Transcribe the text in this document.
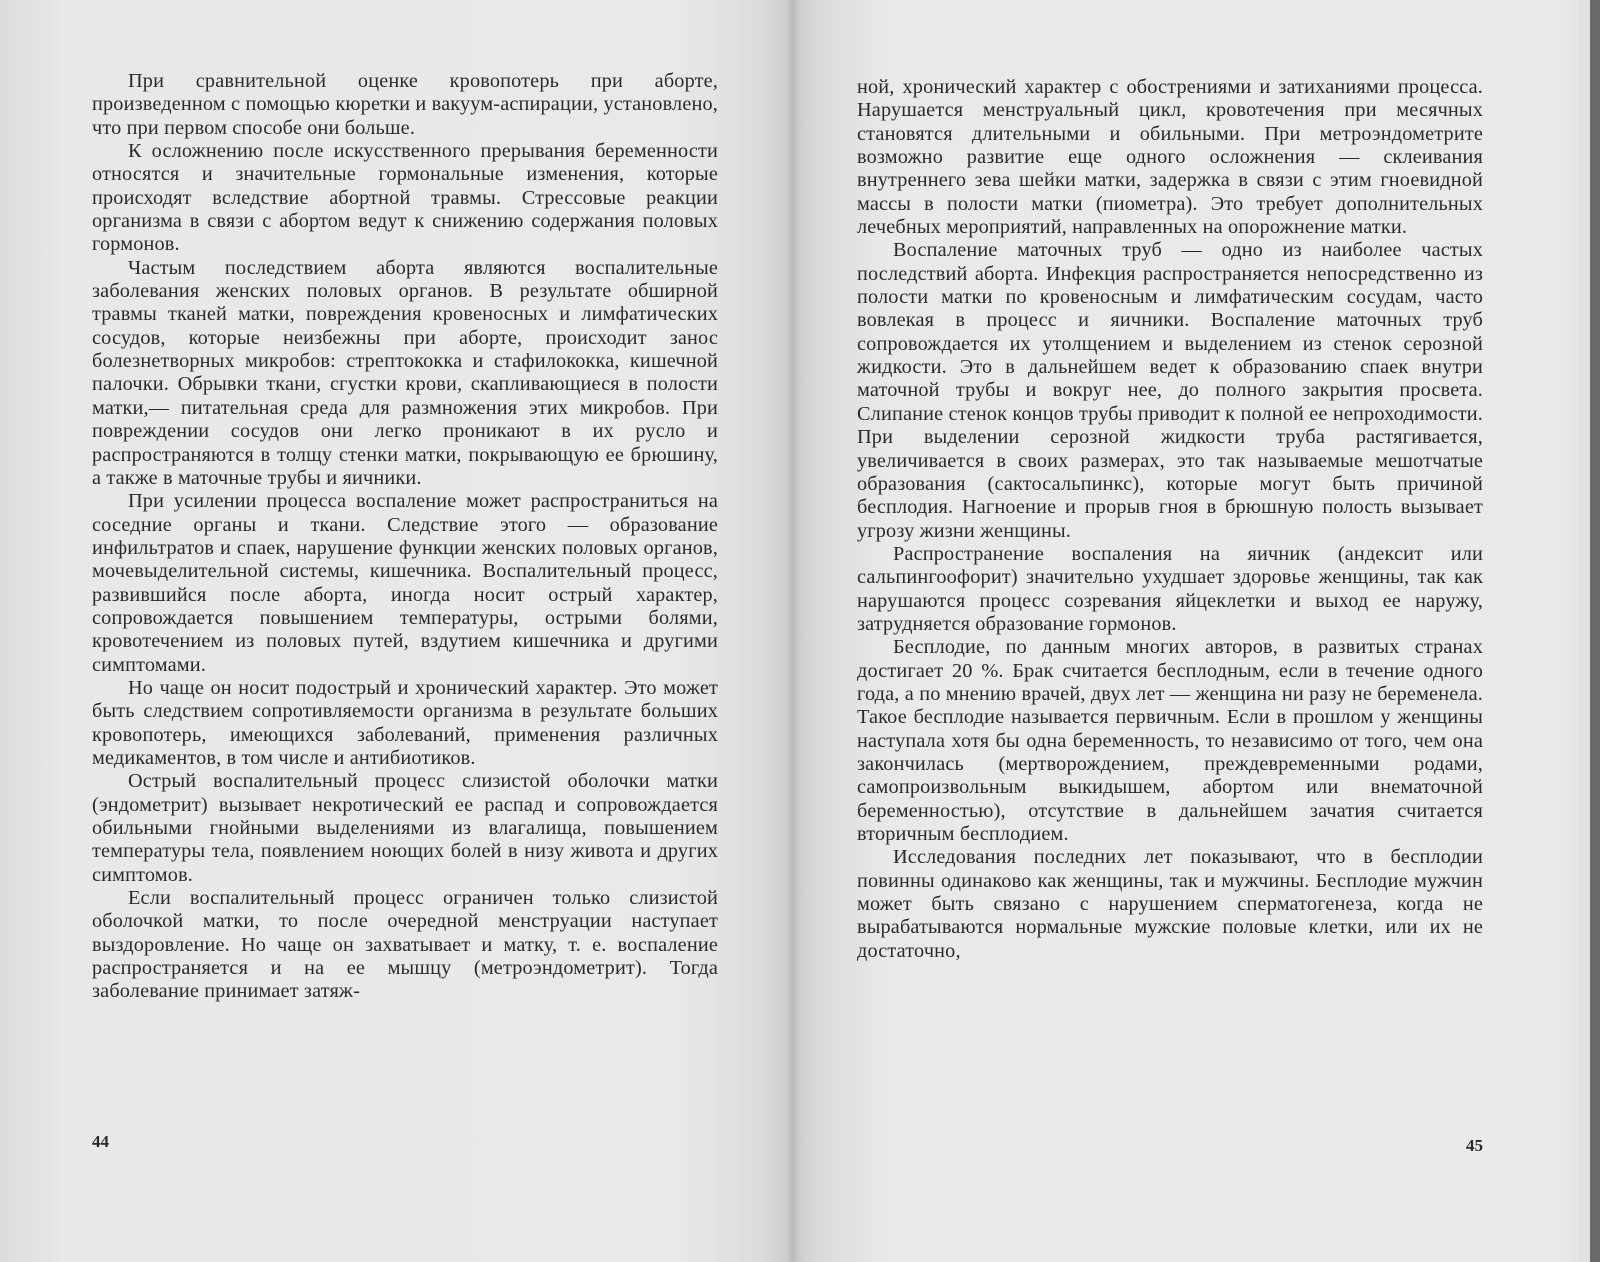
При сравнительной оценке кровопотерь при аборте, произведенном с помощью кюретки и вакуум-аспирации, установлено, что при первом способе они больше.

К осложнению после искусственного прерывания беременности относятся и значительные гормональные изменения, которые происходят вследствие абортной травмы. Стрессовые реакции организма в связи с абортом ведут к снижению содержания половых гормонов.

Частым последствием аборта являются воспалительные заболевания женских половых органов. В результате обширной травмы тканей матки, повреждения кровеносных и лимфатических сосудов, которые неизбежны при аборте, происходит занос болезнетворных микробов: стрептококка и стафилококка, кишечной палочки. Обрывки ткани, сгустки крови, скапливающиеся в полости матки,— питательная среда для размножения этих микробов. При повреждении сосудов они легко проникают в их русло и распространяются в толщу стенки матки, покрывающую ее брюшину, а также в маточные трубы и яичники.

При усилении процесса воспаление может распространиться на соседние органы и ткани. Следствие этого — образование инфильтратов и спаек, нарушение функции женских половых органов, мочевыделительной системы, кишечника. Воспалительный процесс, развившийся после аборта, иногда носит острый характер, сопровождается повышением температуры, острыми болями, кровотечением из половых путей, вздутием кишечника и другими симптомами.

Но чаще он носит подострый и хронический характер. Это может быть следствием сопротивляемости организма в результате больших кровопотерь, имеющихся заболеваний, применения различных медикаментов, в том числе и антибиотиков.

Острый воспалительный процесс слизистой оболочки матки (эндометрит) вызывает некротический ее распад и сопровождается обильными гнойными выделениями из влагалища, повышением температуры тела, появлением ноющих болей в низу живота и других симптомов.

Если воспалительный процесс ограничен только слизистой оболочкой матки, то после очередной менструации наступает выздоровление. Но чаще он захватывает и матку, т. е. воспаление распространяется и на ее мышцу (метроэндометрит). Тогда заболевание принимает затяж-

44	45

ной, хронический характер с обострениями и затиханиями процесса. Нарушается менструальный цикл, кровотечения при месячных становятся длительными и обильными. При метроэндометрите возможно развитие еще одного осложнения — склеивания внутреннего зева шейки матки, задержка в связи с этим гноевидной массы в полости матки (пиометра). Это требует дополнительных лечебных мероприятий, направленных на опорожнение матки.

Воспаление маточных труб — одно из наиболее частых последствий аборта. Инфекция распространяется непосредственно из полости матки по кровеносным и лимфатическим сосудам, часто вовлекая в процесс и яичники. Воспаление маточных труб сопровождается их утолщением и выделением из стенок серозной жидкости. Это в дальнейшем ведет к образованию спаек внутри маточной трубы и вокруг нее, до полного закрытия просвета. Слипание стенок концов трубы приводит к полной ее непроходимости. При выделении серозной жидкости труба растягивается, увеличивается в своих размерах, это так называемые мешотчатые образования (сактосальпинкс), которые могут быть причиной бесплодия. Нагноение и прорыв гноя в брюшную полость вызывает угрозу жизни женщины.

Распространение воспаления на яичник (андексит или сальпингоофорит) значительно ухудшает здоровье женщины, так как нарушаются процесс созревания яйцеклетки и выход ее наружу, затрудняется образование гормонов.

Бесплодие, по данным многих авторов, в развитых странах достигает 20 %. Брак считается бесплодным, если в течение одного года, а по мнению врачей, двух лет — женщина ни разу не беременела. Такое бесплодие называется первичным. Если в прошлом у женщины наступала хотя бы одна беременность, то независимо от того, чем она закончилась (мертворождением, преждевременными родами, самопроизвольным выкидышем, абортом или внематочной беременностью), отсутствие в дальнейшем зачатия считается вторичным бесплодием.

Исследования последних лет показывают, что в бесплодии повинны одинаково как женщины, так и мужчины. Бесплодие мужчин может быть связано с нарушением сперматогенеза, когда не вырабатываются нормальные мужские половые клетки, или их не достаточно,
